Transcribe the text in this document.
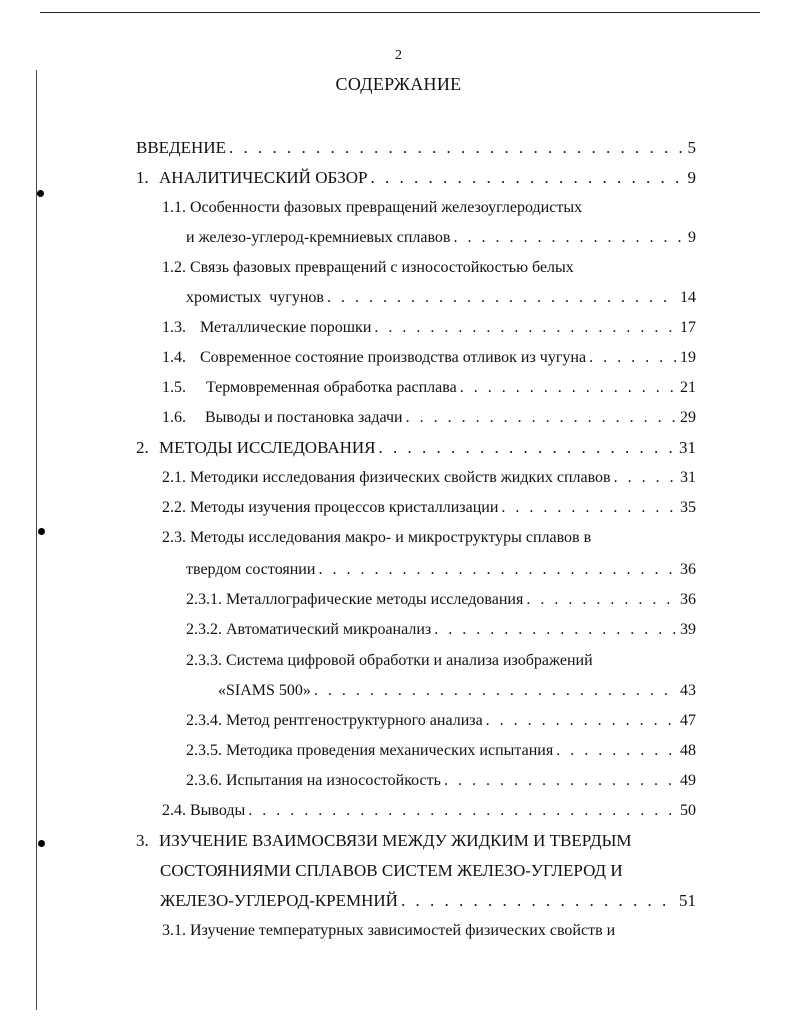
2
СОДЕРЖАНИЕ
ВВЕДЕНИЕ . . .	5
1. АНАЛИТИЧЕСКИЙ ОБЗОР . . .	9
1.1. Особенности фазовых превращений железоуглеродистых
и железо-углерод-кремниевых сплавов . . .	9
1.2. Связь фазовых превращений с износостойкостью белых
хромистых  чугунов . . .	14
1.3. Металлические порошки . . .	17
1.4. Современное состояние производства отливок из чугуна . . .	19
1.5.	Термовременная обработка расплава . . .	21
1.6.	Выводы и постановка задачи . . .	29
2. МЕТОДЫ ИССЛЕДОВАНИЯ . . .	31
2.1. Методики исследования физических свойств жидких сплавов . . .	31
2.2. Методы изучения процессов кристаллизации . . .	35
2.3. Методы исследования макро- и микроструктуры сплавов в
твердом состоянии . . .	36
2.3.1. Металлографические методы исследования . . .	36
2.3.2. Автоматический микроанализ . . .	39
2.3.3. Система цифровой обработки и анализа изображений
«SIAMS 500» . . .	43
2.3.4. Метод рентгеноструктурного анализа . . .	47
2.3.5. Методика проведения механических испытания . . .	48
2.3.6. Испытания на износостойкость . . .	49
2.4. Выводы . . .	50
3. ИЗУЧЕНИЕ ВЗАИМОСВЯЗИ МЕЖДУ ЖИДКИМ И ТВЕРДЫМ
СОСТОЯНИЯМИ СПЛАВОВ СИСТЕМ ЖЕЛЕЗО-УГЛЕРОД И
ЖЕЛЕЗО-УГЛЕРОД-КРЕМНИЙ . . .	51
3.1. Изучение температурных зависимостей физических свойств и
